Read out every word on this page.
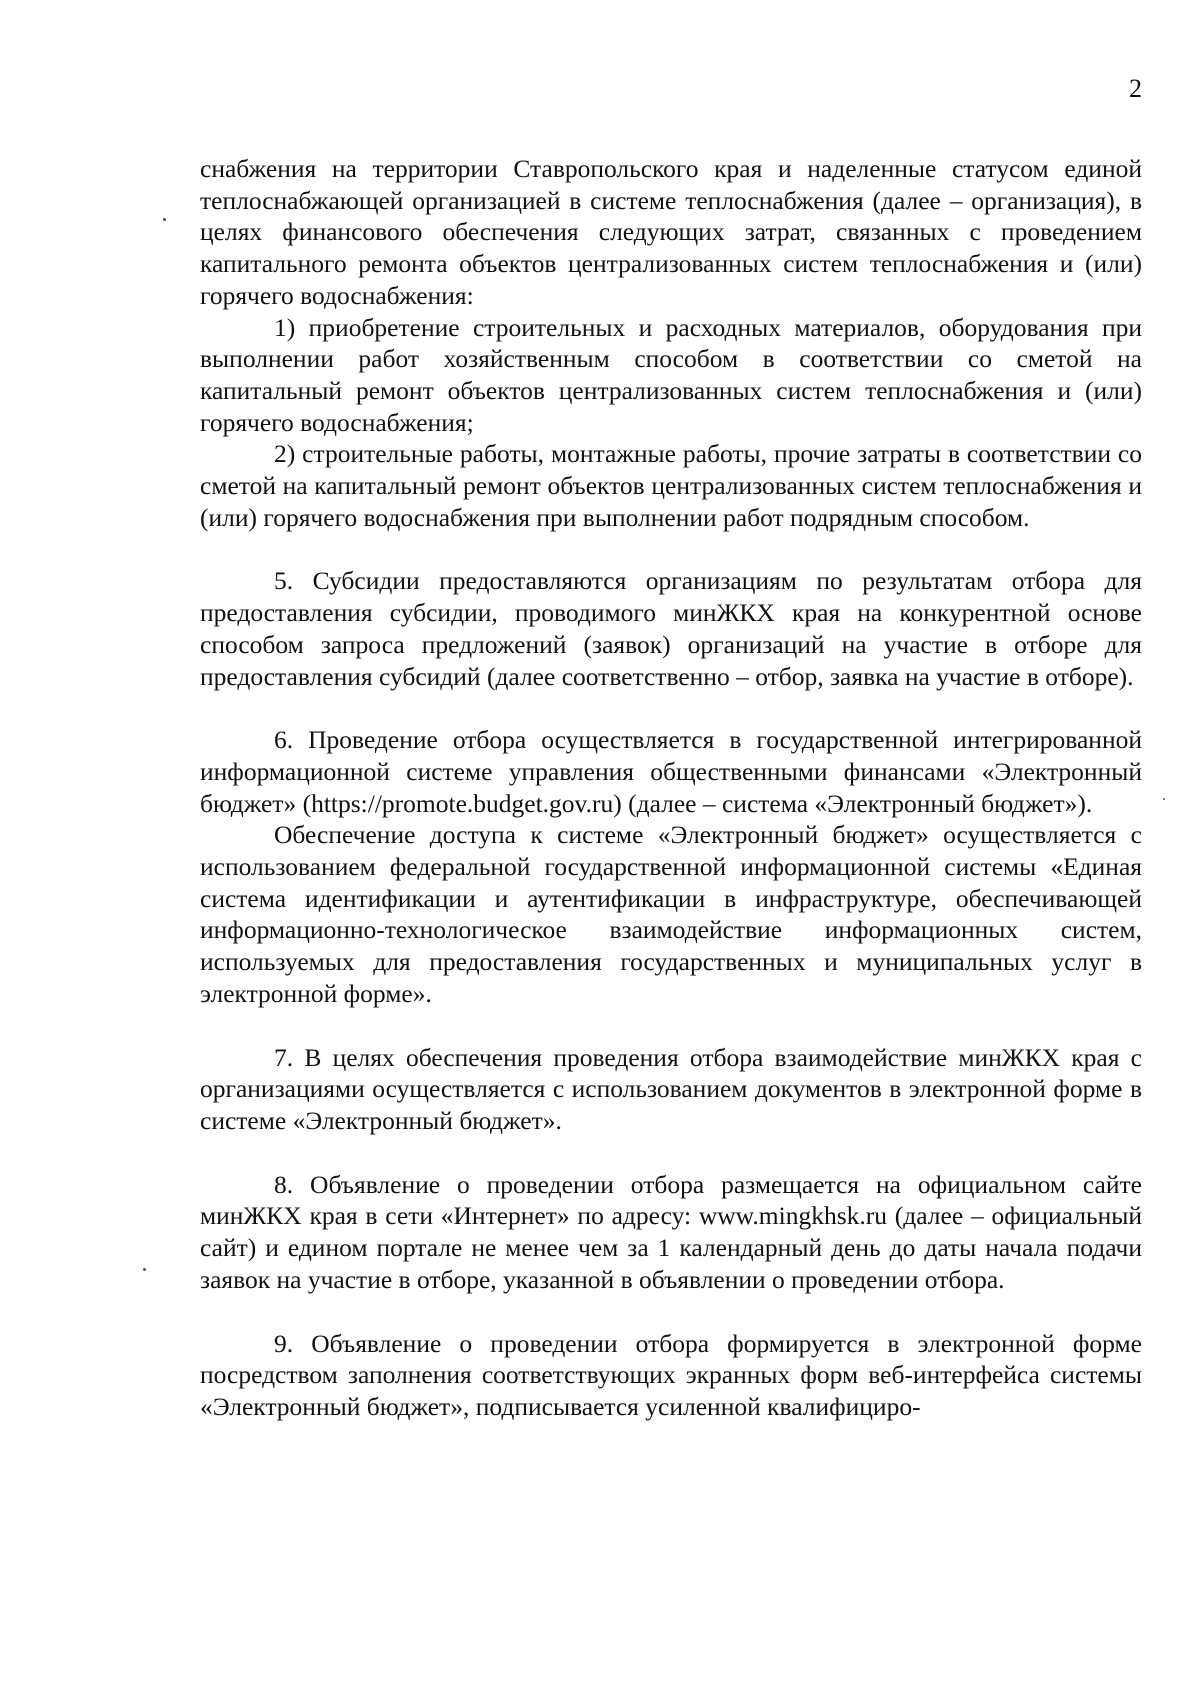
2

снабжения на территории Ставропольского края и наделенные статусом единой теплоснабжающей организацией в системе теплоснабжения (далее – организация), в целях финансового обеспечения следующих затрат, связанных с проведением капитального ремонта объектов централизованных систем теплоснабжения и (или) горячего водоснабжения:

1) приобретение строительных и расходных материалов, оборудования при выполнении работ хозяйственным способом в соответствии со сметой на капитальный ремонт объектов централизованных систем теплоснабжения и (или) горячего водоснабжения;

2) строительные работы, монтажные работы, прочие затраты в соответствии со сметой на капитальный ремонт объектов централизованных систем теплоснабжения и (или) горячего водоснабжения при выполнении работ подрядным способом.

5. Субсидии предоставляются организациям по результатам отбора для предоставления субсидии, проводимого минЖКХ края на конкурентной основе способом запроса предложений (заявок) организаций на участие в отборе для предоставления субсидий (далее соответственно – отбор, заявка на участие в отборе).

6. Проведение отбора осуществляется в государственной интегрированной информационной системе управления общественными финансами «Электронный бюджет» (https://promote.budget.gov.ru) (далее – система «Электронный бюджет»).

Обеспечение доступа к системе «Электронный бюджет» осуществляется с использованием федеральной государственной информационной системы «Единая система идентификации и аутентификации в инфраструктуре, обеспечивающей информационно-технологическое взаимодействие информационных систем, используемых для предоставления государственных и муниципальных услуг в электронной форме».

7. В целях обеспечения проведения отбора взаимодействие минЖКХ края с организациями осуществляется с использованием документов в электронной форме в системе «Электронный бюджет».

8. Объявление о проведении отбора размещается на официальном сайте минЖКХ края в сети «Интернет» по адресу: www.mingkhsk.ru (далее – официальный сайт) и едином портале не менее чем за 1 календарный день до даты начала подачи заявок на участие в отборе, указанной в объявлении о проведении отбора.

9. Объявление о проведении отбора формируется в электронной форме посредством заполнения соответствующих экранных форм веб-интерфейса системы «Электронный бюджет», подписывается усиленной квалифициро-
